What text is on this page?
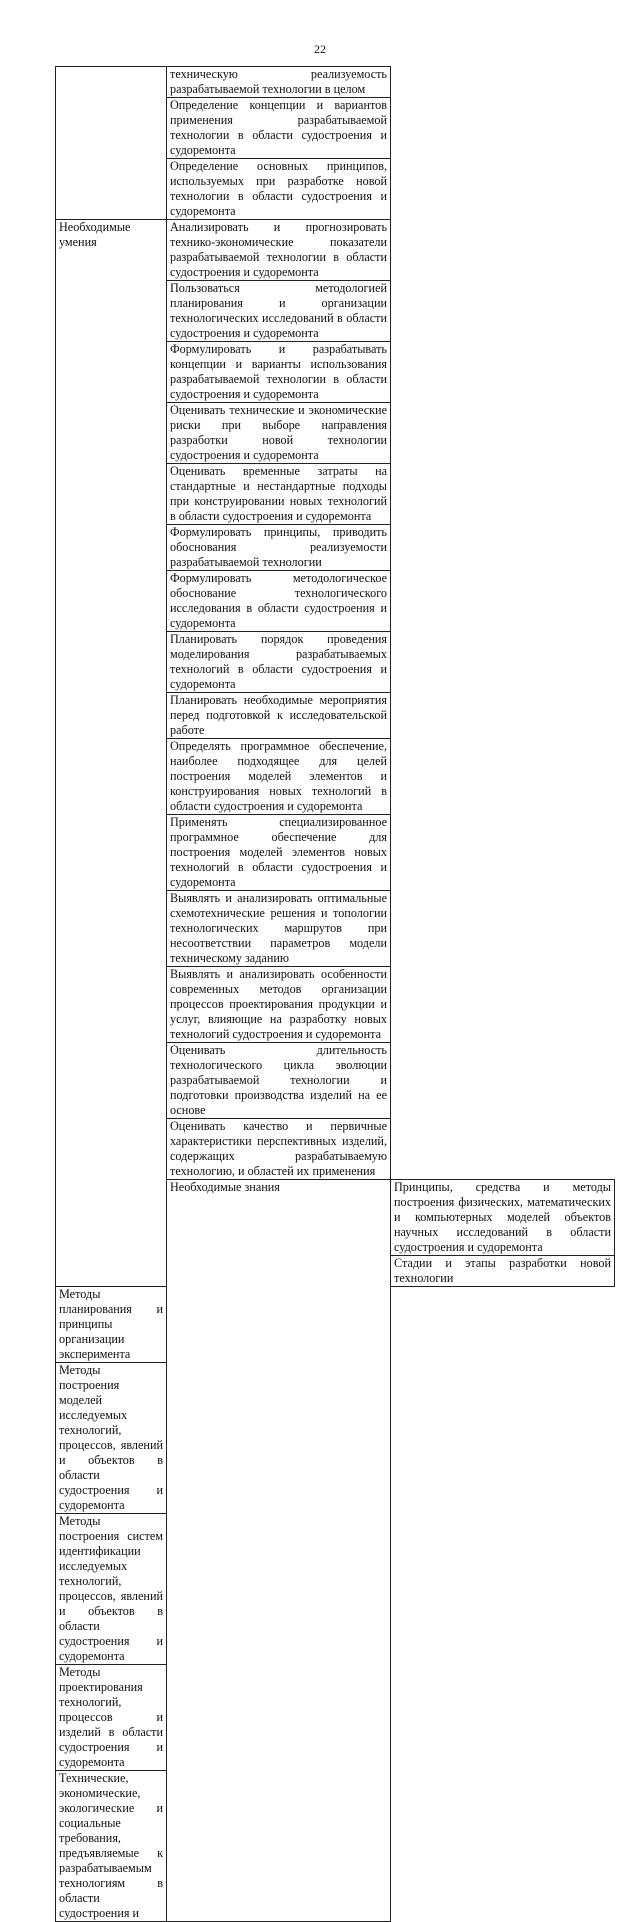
22
	техническую реализуемость разрабатываемой технологии в целом	
	Определение концепции и вариантов применения разрабатываемой технологии в области судостроения и судоремонта	
	Определение основных принципов, используемых при разработке новой технологии в области судостроения и судоремонта	
Необходимые умения	Анализировать и прогнозировать технико-экономические показатели разрабатываемой технологии в области судостроения и судоремонта	
	Пользоваться методологией планирования и организации технологических исследований в области судостроения и судоремонта	
	Формулировать и разрабатывать концепции и варианты использования разрабатываемой технологии в области судостроения и судоремонта	
	Оценивать технические и экономические риски при выборе направления разработки новой технологии судостроения и судоремонта	
	Оценивать временные затраты на стандартные и нестандартные подходы при конструировании новых технологий в области судостроения и судоремонта	
	Формулировать принципы, приводить обоснования реализуемости разрабатываемой технологии	
	Формулировать методологическое обоснование технологического исследования в области судостроения и судоремонта	
	Планировать порядок проведения моделирования разрабатываемых технологий в области судостроения и судоремонта	
	Планировать необходимые мероприятия перед подготовкой к исследовательской работе	
	Определять программное обеспечение, наиболее подходящее для целей построения моделей элементов и конструирования новых технологий в области судостроения и судоремонта	
	Применять специализированное программное обеспечение для построения моделей элементов новых технологий в области судостроения и судоремонта	
	Выявлять и анализировать оптимальные схемотехнические решения и топологии технологических маршрутов при несоответствии параметров модели техническому заданию	
	Выявлять и анализировать особенности современных методов организации процессов проектирования продукции и услуг, влияющие на разработку новых технологий судостроения и судоремонта	
	Оценивать длительность технологического цикла эволюции разрабатываемой технологии и подготовки производства изделий на ее основе	
	Оценивать качество и первичные характеристики перспективных изделий, содержащих разрабатываемую технологию, и областей их применения	
	Необходимые знания	Принципы, средства и методы построения физических, математических и компьютерных моделей объектов научных исследований в области судостроения и судоремонта
		Стадии и этапы разработки новой технологии
Методы планирования и принципы организации эксперимента		
Методы построения моделей исследуемых технологий, процессов, явлений и объектов в области судостроения и судоремонта		
Методы построения систем идентификации исследуемых технологий, процессов, явлений и объектов в области судостроения и судоремонта		
Методы проектирования технологий, процессов и изделий в области судостроения и судоремонта		
Технические, экономические, экологические и социальные требования, предъявляемые к разрабатываемым технологиям в области судостроения и		
